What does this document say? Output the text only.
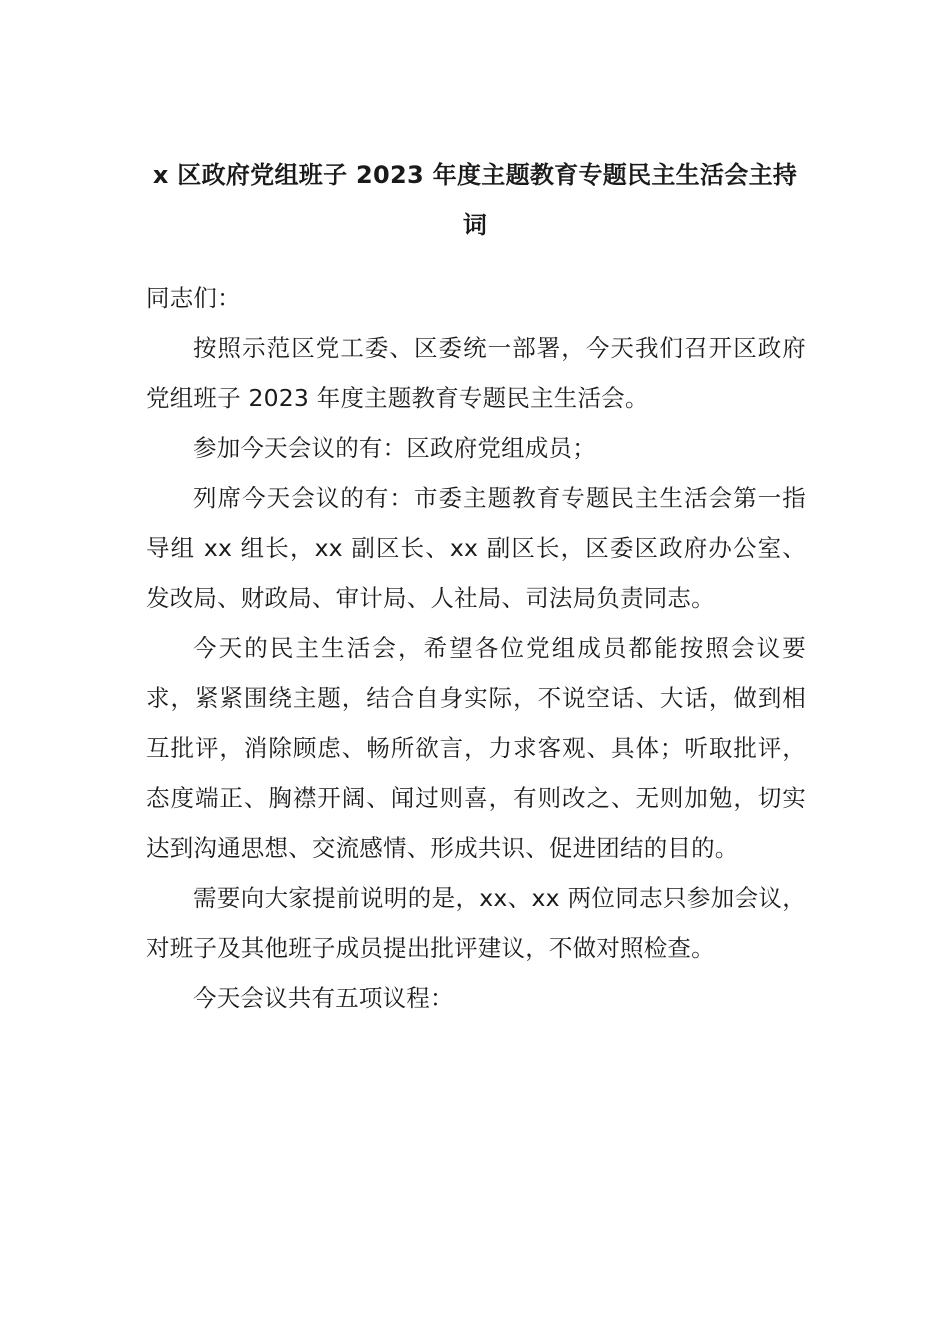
x 区政府党组班子 2023 年度主题教育专题民主生活会主持词

同志们：

按照示范区党工委、区委统一部署，今天我们召开区政府党组班子 2023 年度主题教育专题民主生活会。

参加今天会议的有：区政府党组成员；

列席今天会议的有：市委主题教育专题民主生活会第一指导组 xx 组长，xx 副区长、xx 副区长，区委区政府办公室、发改局、财政局、审计局、人社局、司法局负责同志。

今天的民主生活会，希望各位党组成员都能按照会议要求，紧紧围绕主题，结合自身实际，不说空话、大话，做到相互批评，消除顾虑、畅所欲言，力求客观、具体；听取批评，态度端正、胸襟开阔、闻过则喜，有则改之、无则加勉，切实达到沟通思想、交流感情、形成共识、促进团结的目的。

需要向大家提前说明的是，xx、xx 两位同志只参加会议，对班子及其他班子成员提出批评建议，不做对照检查。

今天会议共有五项议程：
